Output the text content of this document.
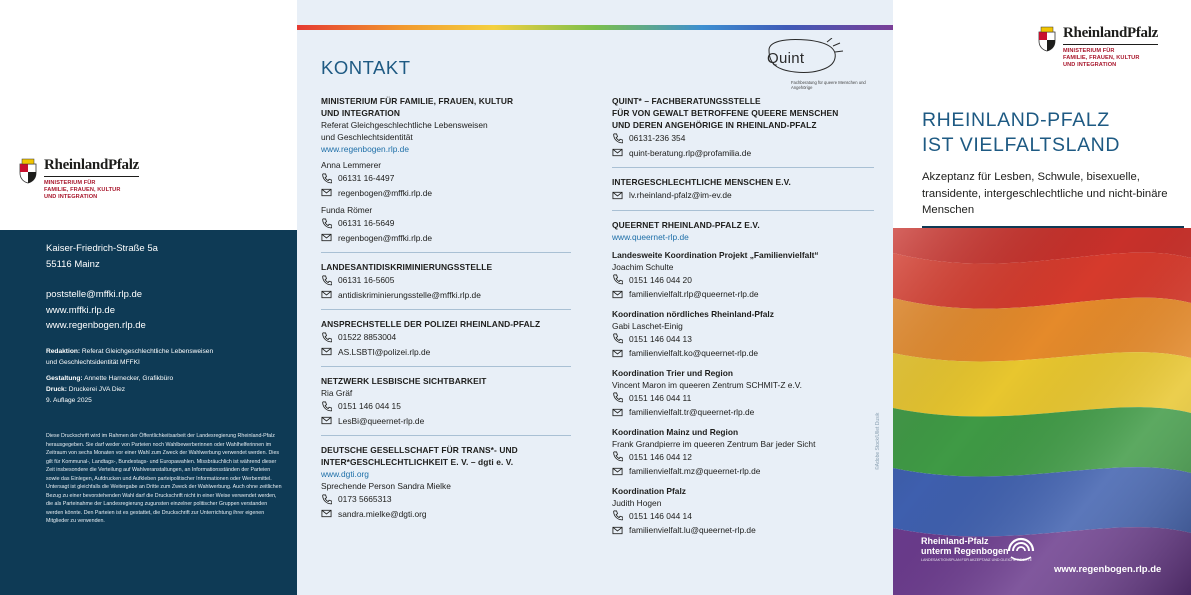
RheinlandPfalz
MINISTERIUM FÜR
FAMILIE, FRAUEN, KULTUR
UND INTEGRATION
Kaiser-Friedrich-Straße 5a
55116 Mainz
poststelle@mffki.rlp.de
www.mffki.rlp.de
www.regenbogen.rlp.de
Redaktion: Referat Gleichgeschlechtliche Lebensweisen
und Geschlechtsidentität MFFKI
Gestaltung: Annette Harnecker, Grafikbüro
Druck: Druckerei JVA Diez
9. Auflage 2025
Diese Druckschrift wird im Rahmen der Öffentlichkeitsarbeit der Landesregierung Rheinland-Pfalz herausgegeben. Sie darf weder von Parteien noch Wahlbewerberinnen oder Wahlhelferinnen im Zeitraum von sechs Monaten vor einer Wahl zum Zweck der Wahlwerbung verwendet werden. Dies gilt für Kommunal-, Landtags-, Bundestags- und Europawahlen. Missbräuchlich ist während dieser Zeit insbesondere die Verteilung auf Wahlveranstaltungen, an Informationsständen der Parteien sowie das Einlegen, Aufdrucken und Aufkleben parteipolitischer Informationen oder Werbemittel. Untersagt ist gleichfalls die Weitergabe an Dritte zum Zweck der Wahlwerbung. Auch ohne zeitlichen Bezug zu einer bevorstehenden Wahl darf die Druckschrift nicht in einer Weise verwendet werden, die als Parteinahme der Landesregierung zugunsten einzelner politischer Gruppen verstanden werden könnte. Den Parteien ist es gestattet, die Druckschrift zur Unterrichtung ihrer eigenen Mitglieder zu verwenden.
KONTAKT	Quint
Fachberatung für queere Menschen und Angehörige
MINISTERIUM FÜR FAMILIE, FRAUEN, KULTUR
UND INTEGRATION
Referat Gleichgeschlechtliche Lebensweisen
und Geschlechtsidentität
www.regenbogen.rlp.de
Anna Lemmerer
06131 16-4497
regenbogen@mffki.rlp.de
Funda Römer
06131 16-5649
regenbogen@mffki.rlp.de
LANDESANTIDISKRIMINIERUNGSSTELLE
06131 16-5605
antidiskriminierungsstelle@mffki.rlp.de
ANSPRECHSTELLE DER POLIZEI RHEINLAND-PFALZ
01522 8853004
AS.LSBTI@polizei.rlp.de
NETZWERK LESBISCHE SICHTBARKEIT
Ria Gräf
0151 146 044 15
LesBi@queernet-rlp.de
DEUTSCHE GESELLSCHAFT FÜR TRANS*- UND
INTER*GESCHLECHTLICHKEIT E. V. – dgti e. V.
www.dgti.org
Sprechende Person Sandra Mielke
0173 5665313
sandra.mielke@dgti.org
QUINT* – FACHBERATUNGSSTELLE
FÜR VON GEWALT BETROFFENE QUEERE MENSCHEN
UND DEREN ANGEHÖRIGE IN RHEINLAND-PFALZ
06131-236 354
quint-beratung.rlp@profamilia.de
INTERGESCHLECHTLICHE MENSCHEN E.V.
lv.rheinland-pfalz@im-ev.de
QUEERNET RHEINLAND-PFALZ E.V.
www.queernet-rlp.de
Landesweite Koordination Projekt „Familienvielfalt“
Joachim Schulte
0151 146 044 20
familienvielfalt.rlp@queernet-rlp.de
Koordination nördliches Rheinland-Pfalz
Gabi Laschet-Einig
0151 146 044 13
familienvielfalt.ko@queernet-rlp.de
Koordination Trier und Region
Vincent Maron im queeren Zentrum SCHMIT-Z e.V.
0151 146 044 11
familienvielfalt.tr@queernet-rlp.de
Koordination Mainz und Region
Frank Grandpierre im queeren Zentrum Bar jeder Sicht
0151 146 044 12
familienvielfalt.mz@queernet-rlp.de
Koordination Pfalz
Judith Hogen
0151 146 044 14
familienvielfalt.lu@queernet-rlp.de
©Adobe Stock/Ullet Dusik
RheinlandPfalz
MINISTERIUM FÜR
FAMILIE, FRAUEN, KULTUR
UND INTEGRATION
RHEINLAND-PFALZ
IST VIELFALTSLAND
Akzeptanz für Lesben, Schwule, bisexuelle, transidente, intergeschlechtliche und nicht-binäre Menschen
Rheinland-Pfalz
unterm Regenbogen
LANDESAKTIONSPLAN FÜR AKZEPTANZ UND GLEICHE RECHTE
www.regenbogen.rlp.de
